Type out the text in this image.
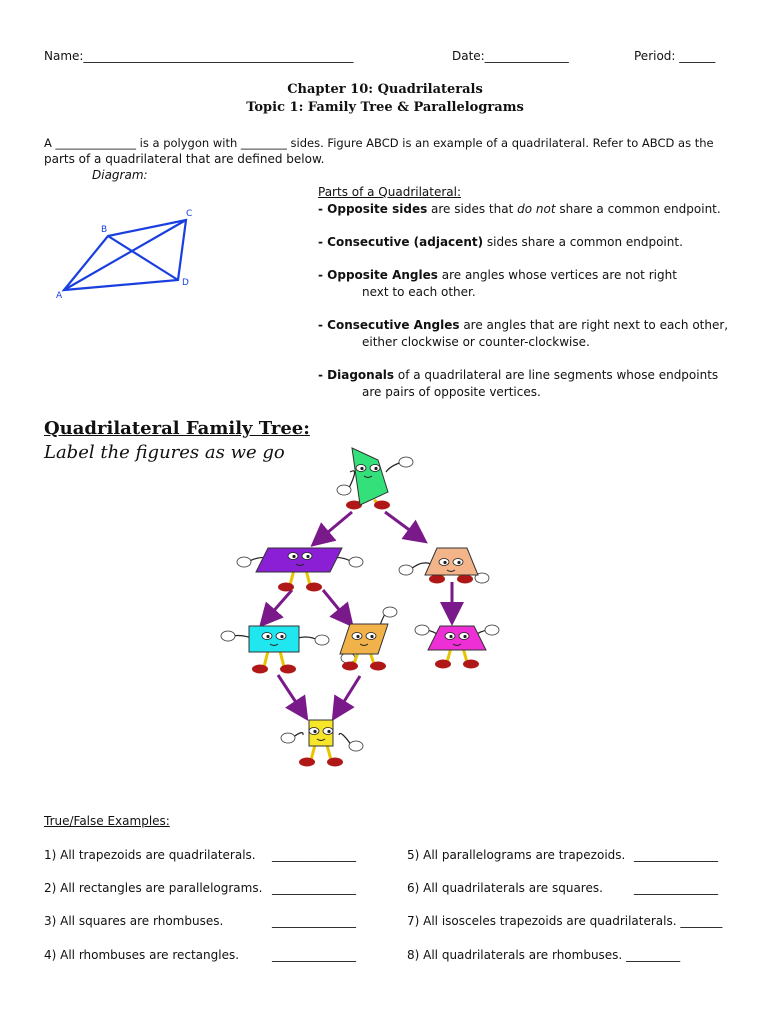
Name:_____________________________________________	Date:______________	Period: ______
Chapter 10: Quadrilaterals
Topic 1: Family Tree & Parallelograms
A ______________ is a polygon with ________ sides. Figure ABCD is an example of a quadrilateral. Refer to ABCD as the
parts of a quadrilateral that are defined below.
Diagram:
A
B
C
D
Parts of a Quadrilateral:
- Opposite sides are sides that do not share a common endpoint.
- Consecutive (adjacent) sides share a common endpoint.
- Opposite Angles are angles whose vertices are not right
next to each other.
- Consecutive Angles are angles that are right next to each other,
either clockwise or counter-clockwise.
- Diagonals of a quadrilateral are line segments whose endpoints
are pairs of opposite vertices.
Quadrilateral Family Tree:
Label the figures as we go
True/False Examples:
1) All trapezoids are quadrilaterals. ______________
2) All rectangles are parallelograms. ______________
3) All squares are rhombuses.	______________
4) All rhombuses are rectangles.	______________
5) All parallelograms are trapezoids. ______________
6) All quadrilaterals are squares.	______________
7) All isosceles trapezoids are quadrilaterals. _______
8) All quadrilaterals are rhombuses. _________
